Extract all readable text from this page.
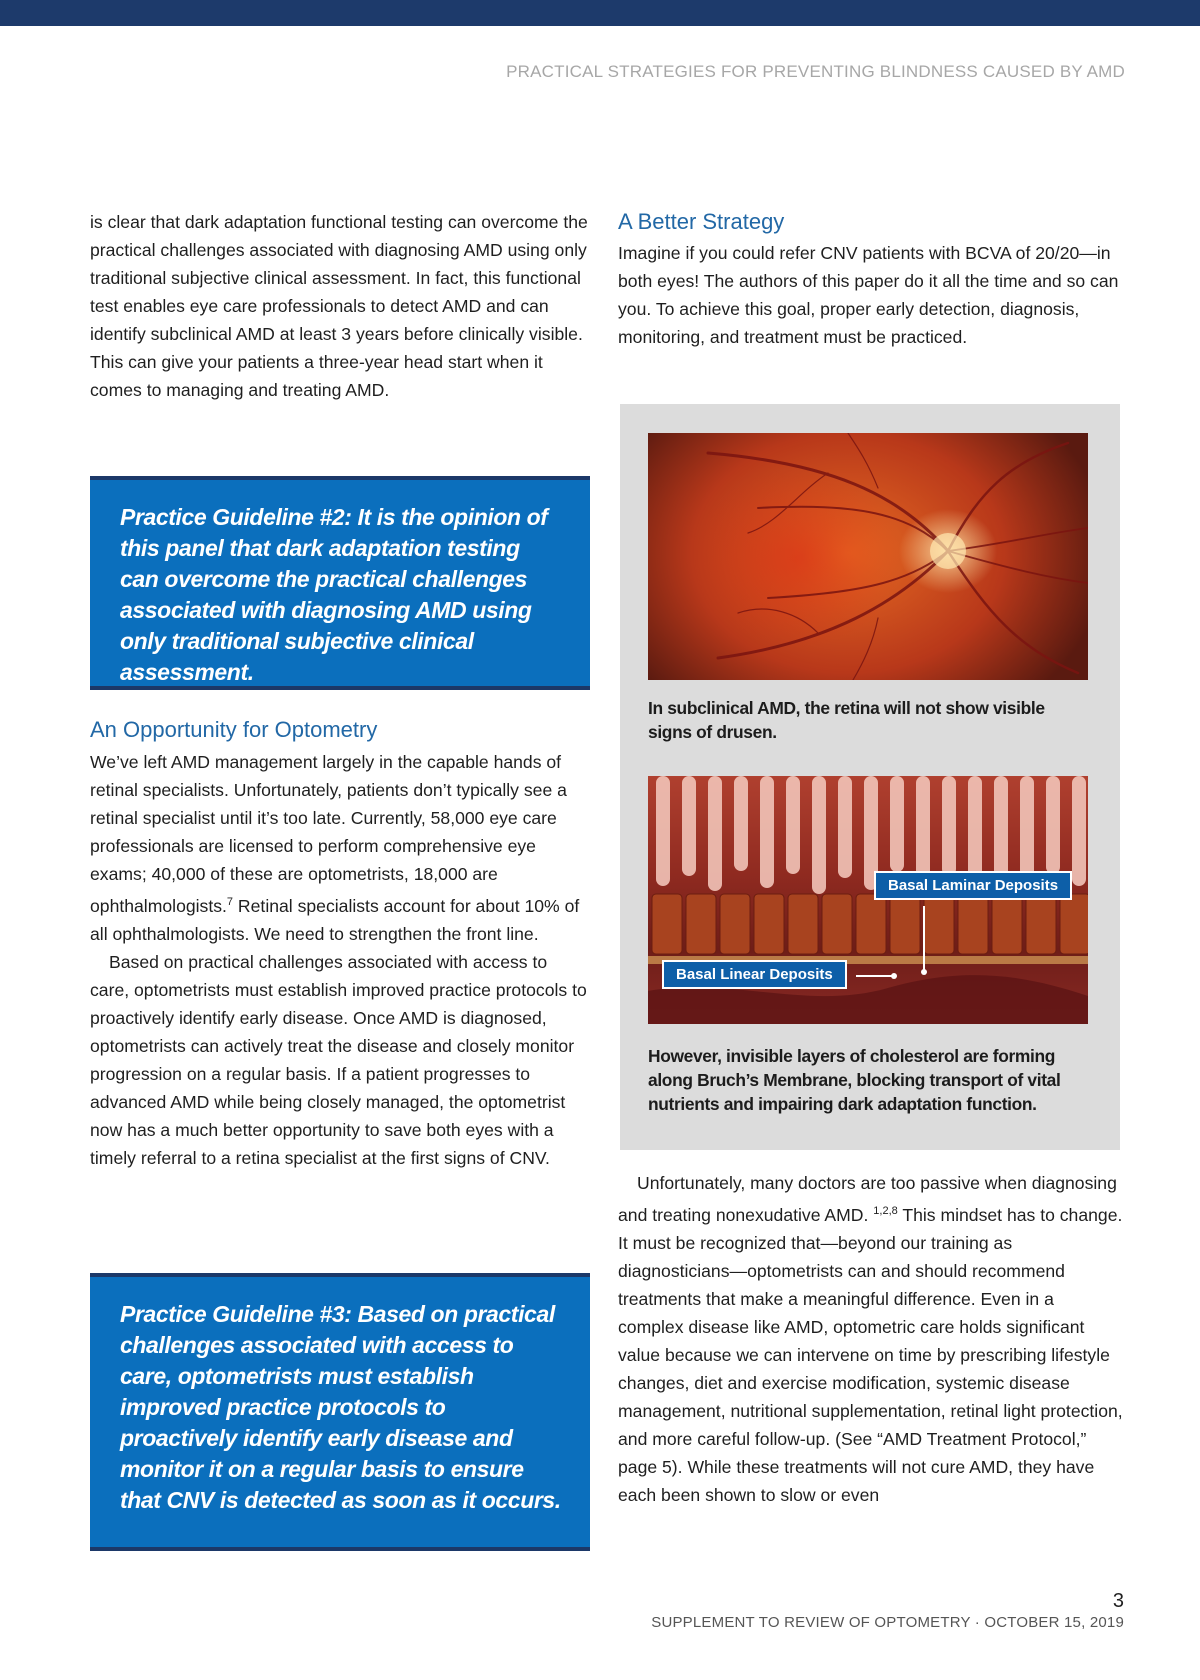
PRACTICAL STRATEGIES FOR PREVENTING BLINDNESS CAUSED BY AMD

is clear that dark adaptation functional testing can overcome the practical challenges associated with diagnosing AMD using only traditional subjective clinical assessment. In fact, this functional test enables eye care professionals to detect AMD and can identify subclinical AMD at least 3 years before clinically visible. This can give your patients a three-year head start when it comes to managing and treating AMD.

Practice Guideline #2: It is the opinion of this panel that dark adaptation testing can overcome the practical challenges associated with diagnosing AMD using only traditional subjective clinical assessment.

An Opportunity for Optometry

We’ve left AMD management largely in the capable hands of retinal specialists. Unfortunately, patients don’t typically see a retinal specialist until it’s too late. Currently, 58,000 eye care professionals are licensed to perform comprehensive eye exams; 40,000 of these are optometrists, 18,000 are ophthalmologists.$^7$ Retinal specialists account for about 10% of all ophthalmologists. We need to strengthen the front line.

Based on practical challenges associated with access to care, optometrists must establish improved practice protocols to proactively identify early disease. Once AMD is diagnosed, optometrists can actively treat the disease and closely monitor progression on a regular basis. If a patient progresses to advanced AMD while being closely managed, the optometrist now has a much better opportunity to save both eyes with a timely referral to a retina specialist at the first signs of CNV.

Practice Guideline #3: Based on practical challenges associated with access to care, optometrists must establish improved practice protocols to proactively identify early disease and monitor it on a regular basis to ensure that CNV is detected as soon as it occurs.

A Better Strategy
Imagine if you could refer CNV patients with BCVA of 20/20—in both eyes! The authors of this paper do it all the time and so can you. To achieve this goal, proper early detection, diagnosis, monitoring, and treatment must be practiced.
In subclinical AMD, the retina will not show visible signs of drusen.
Basal Laminar Deposits
Basal Linear Deposits
However, invisible layers of cholesterol are forming along Bruch’s Membrane, blocking transport of vital nutrients and impairing dark adaptation function.

Unfortunately, many doctors are too passive when diagnosing and treating nonexudative AMD. $^{1,2,8}$ This mindset has to change. It must be recognized that—beyond our training as diagnosticians—optometrists can and should recommend treatments that make a meaningful difference. Even in a complex disease like AMD, optometric care holds significant value because we can intervene on time by prescribing lifestyle changes, diet and exercise modification, systemic disease management, nutritional supplementation, retinal light protection, and more careful follow-up. (See “AMD Treatment Protocol,” page 5). While these treatments will not cure AMD, they have each been shown to slow or even

3
SUPPLEMENT TO REVIEW OF OPTOMETRY · OCTOBER 15, 2019
